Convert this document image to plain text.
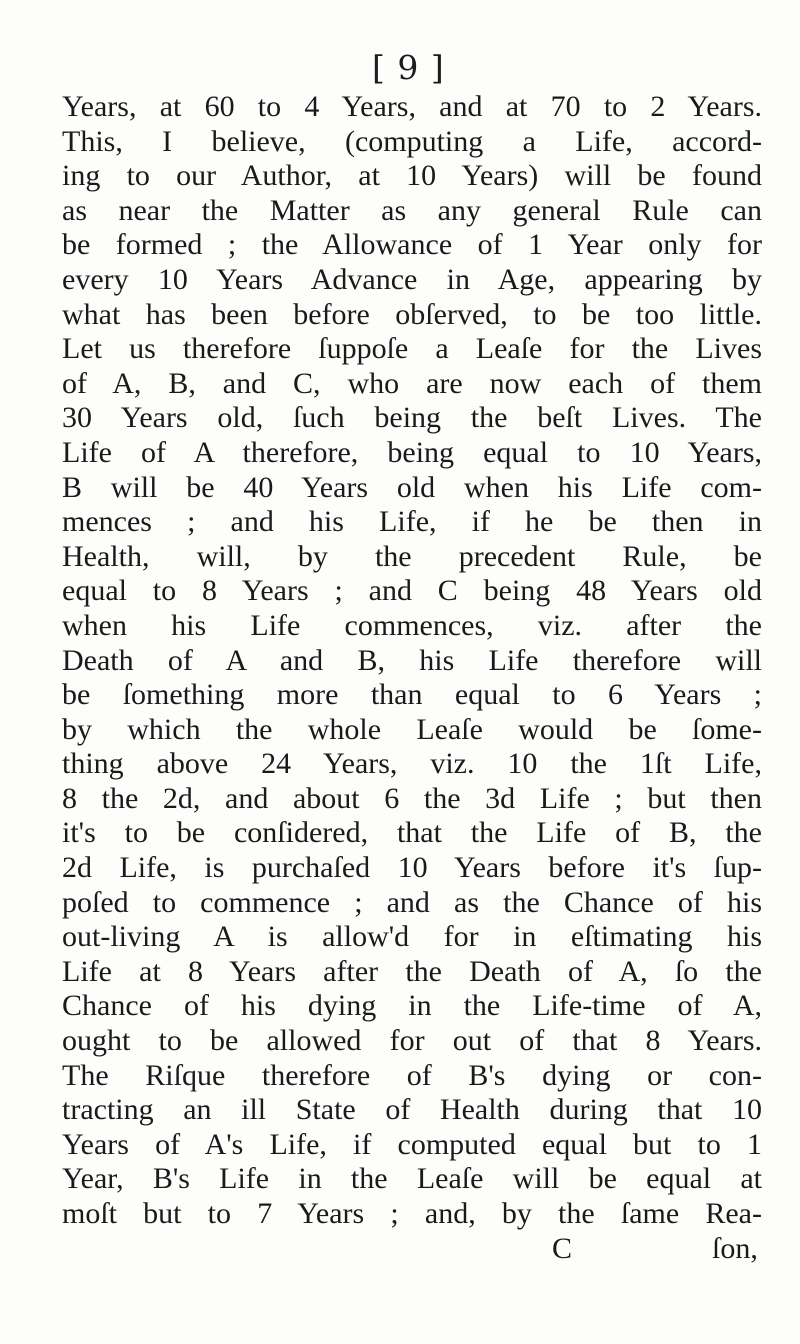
[ 9 ]
Years, at 60 to 4 Years, and at 70 to 2 Years.
This, I believe, (computing a Life, accord-
ing to our Author, at 10 Years) will be found
as near the Matter as any general Rule can
be formed ; the Allowance of 1 Year only for
every 10 Years Advance in Age, appearing by
what has been before obſerved, to be too little.
Let us therefore ſuppoſe a Leaſe for the Lives
of A, B, and C, who are now each of them
30 Years old, ſuch being the beſt Lives. The
Life of A therefore, being equal to 10 Years,
B will be 40 Years old when his Life com-
mences ; and his Life, if he be then in
Health, will, by the precedent Rule, be
equal to 8 Years ; and C being 48 Years old
when his Life commences, viz. after the
Death of A and B, his Life therefore will
be ſomething more than equal to 6 Years ;
by which the whole Leaſe would be ſome-
thing above 24 Years, viz. 10 the 1ſt Life,
8 the 2d, and about 6 the 3d Life ; but then
it's to be conſidered, that the Life of B, the
2d Life, is purchaſed 10 Years before it's ſup-
poſed to commence ; and as the Chance of his
out-living A is allow'd for in eſtimating his
Life at 8 Years after the Death of A, ſo the
Chance of his dying in the Life-time of A,
ought to be allowed for out of that 8 Years.
The Riſque therefore of B's dying or con-
tracting an ill State of Health during that 10
Years of A's Life, if computed equal but to 1
Year, B's Life in the Leaſe will be equal at
moſt but to 7 Years ; and, by the ſame Rea-
C	ſon,
